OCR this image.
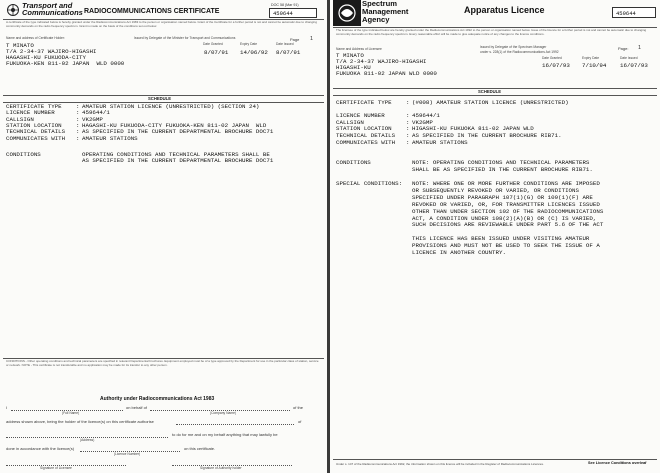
Transport and
Communications RADIOCOMMUNICATIONS CERTIFICATE
DOC 58 (Mar 91)
459644
A certificate of the type indicated below is hereby granted under the Radiocommunications Act 1983 to the person or organisation named below. Grant of the Certificate for a further period is not and cannot be automatic due to changing community demands on the radio frequency spectrum. Grant is made on the basis of the conditions set out below.
Name and address of Certificate Holder:	Issued by Delegate of the Minister for Transport and Communications	Page 1
T MINATO
T/A 2-34-37 WAJIRO-HIGASHI
HAGASHI-KU FUKUODA-CITY
FUKUOKA-KEN 811-02 JAPAN  WLD 0000
Date Granted	Expiry Date	Date Issued
8/07/91 14/06/92 8/07/91
SCHEDULE
CERTIFICATE TYPE : AMATEUR STATION LICENCE (UNRESTRICTED) (SECTION 24)
LICENCE NUMBER	: 459644/1
CALLSIGN	: VK2GMP
STATION LOCATION : HAGASHI-KU FUKUODA-CITY FUKUOKA-KEN 811-02 JAPAN  WLD
TECHNICAL DETAILS : AS SPECIFIED IN THE CURRENT DEPARTMENTAL BROCHURE DOC71
COMMUNICATES WITH : AMATEUR STATIONS
CONDITIONS	OPERATING CONDITIONS AND TECHNICAL PARAMETERS SHALL BE
AS SPECIFIED IN THE CURRENT DEPARTMENTAL BROCHURE DOC71
CONDITIONS - Other operating conditions and technical parameters are specified in relevant Departmental brochures. Equipment employed must be of a type approved by the Department for use in the particular class of station, service or network. NOTE - This certificate is not transferable and no application may be made for its transfer to any other person.
Authority under Radiocommunications Act 1983
I	on behalf of	of the
(Full Name)	(Company Name)
address shown above, being the holder of the licence(s) on this certificate authorise	of
to do for me and on my behalf anything that may lawfully be
(Address)
done in accordance with the licence(s)	on this certificate.
(Licence Number)
Signature of Licensee	Signature of Authority holder
Spectrum
Management
Agency
Apparatus Licence	459644
The licensee of the type indicated below are hereby granted under the Radiocommunications Act 1992 to the person or organisation named below. Issue of the licence for a further period is not and cannot be automatic due to changing community demands on the radio frequency spectrum. Every reasonable effort will be made to give adequate notice of any changes to the licence conditions.
Name and Address of Licensee	Issued by Delegate of the Spectrum Manager
under s. 228(1) of the Radiocommunications Act 1992
Page: 1
T MINATO
T/A 2-34-37 WAJIRO-HIGASHI
HIGASHI-KU
FUKUOKA 811-02 JAPAN WLD 0000
Date Granted	Expiry Date	Date Issued
16/07/93 7/10/94 16/07/93
SCHEDULE
CERTIFICATE TYPE : (#008) AMATEUR STATION LICENCE (UNRESTRICTED)
LICENCE NUMBER	: 459644/1
CALLSIGN	: VK2GMP
STATION LOCATION : HIGASHI-KU FUKUOKA 811-02 JAPAN WLD
TECHNICAL DETAILS : AS SPECIFIED IN THE CURRENT BROCHURE RIB71.
COMMUNICATES WITH : AMATEUR STATIONS
CONDITIONS	NOTE: OPERATING CONDITIONS AND TECHNICAL PARAMETERS
SHALL BE AS SPECIFIED IN THE CURRENT BROCHURE RIB71.
SPECIAL CONDITIONS: NOTE: WHERE ONE OR MORE FURTHER CONDITIONS ARE IMPOSED
OR SUBSEQUENTLY REVOKED OR VARIED, OR CONDITIONS
SPECIFIED UNDER PARAGRAPH 107(1)(G) OR 109(1)(F) ARE
REVOKED OR VARIED, OR, FOR TRANSMITTER LICENCES ISSUED
OTHER THAN UNDER SECTION 102 OF THE RADIOCOMMUNICATIONS
ACT, A CONDITION UNDER 108(2)(A)(B) OR (C) IS VARIED,
SUCH DECISIONS ARE REVIEWABLE UNDER PART 5.6 OF THE ACT
THIS LICENCE HAS BEEN ISSUED UNDER VISITING AMATEUR
PROVISIONS AND MUST NOT BE USED TO SEEK THE ISSUE OF A
LICENCE IN ANOTHER COUNTRY.
Under s. 147 of the Radiocommunications Act 1992, the information shown on this licence will be included in the Register of Radiocommunications Licences.	See Licence Conditions overleaf
